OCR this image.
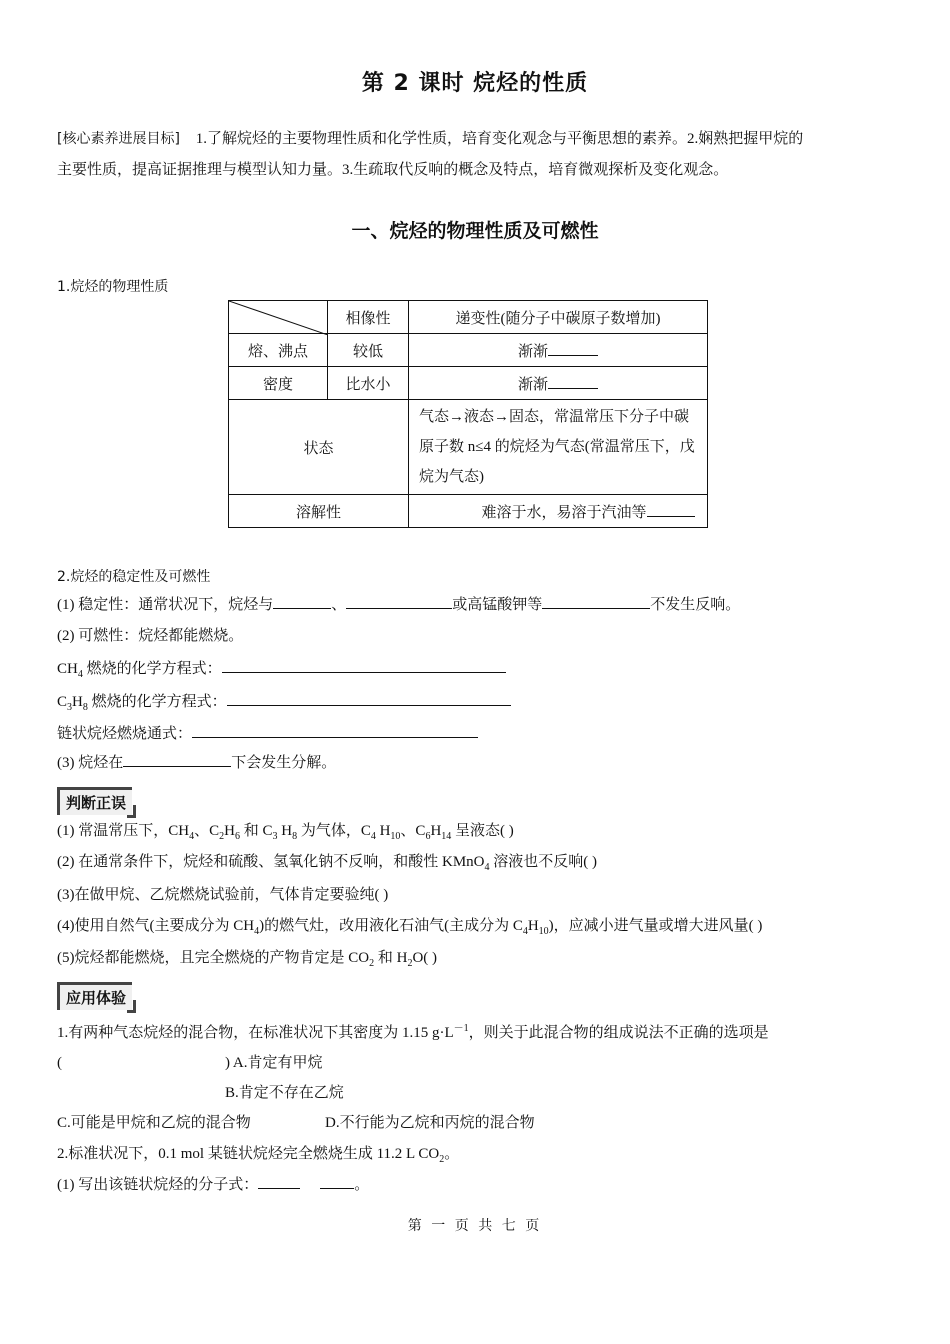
第 2 课时 烷烃的性质
[核心素养进展目标] 1.了解烷烃的主要物理性质和化学性质，培育变化观念与平衡思想的素养。2.娴熟把握甲烷的
主要性质，提高证据推理与模型认知力量。3.生疏取代反响的概念及特点，培育微观探析及变化观念。
一、烷烃的物理性质及可燃性
1.烷烃的物理性质
	相像性	递变性(随分子中碳原子数增加)
熔、沸点	较低	渐渐
密度	比水小	渐渐
状态		气态→液态→固态，常温常压下分子中碳原子数 n≤4 的烷烃为气态(常温常压下，戊烷为气态)
溶解性		难溶于水，易溶于汽油等
2.烷烃的稳定性及可燃性
(1) 稳定性：通常状况下，烷烃与	、	或高锰酸钾等	不发生反响。
(2) 可燃性：烷烃都能燃烧。
$CH_4$ 燃烧的化学方程式：
$C_3H_8$ 燃烧的化学方程式：
链状烷烃燃烧通式：
(3) 烷烃在	下会发生分解。
判断正误
(1) 常温常压下，$CH_4$、$C_2H_6$ 和 $C_3$ $H_8$ 为气体，$C_4$ $H_{10}$、$C_6H_{14}$ 呈液态( )
(2) 在通常条件下，烷烃和硫酸、氢氧化钠不反响，和酸性 KMnO$_4$ 溶液也不反响( )
(3)在做甲烷、乙烷燃烧试验前，气体肯定要验纯( )
(4)使用自然气(主要成分为 $CH_4$)的燃气灶，改用液化石油气(主成分为 $C_4H_{10}$)，应减小进气量或增大进风量( )
(5)烷烃都能燃烧，且完全燃烧的产物肯定是 $CO_2$ 和 $H_2O$( )
应用体验
1.有两种气态烷烃的混合物，在标准状况下其密度为 1.15 $g\cdot L^{-1}$，则关于此混合物的组成说法不正确的选项是
(	) A.肯定有甲烷
B.肯定不存在乙烷
C.可能是甲烷和乙烷的混合物	D.不行能为乙烷和丙烷的混合物
2.标准状况下，0.1 mol 某链状烷烃完全燃烧生成 11.2 L $CO_2$。
(1) 写出该链状烷烃的分子式：	。
第 一 页 共 七 页
